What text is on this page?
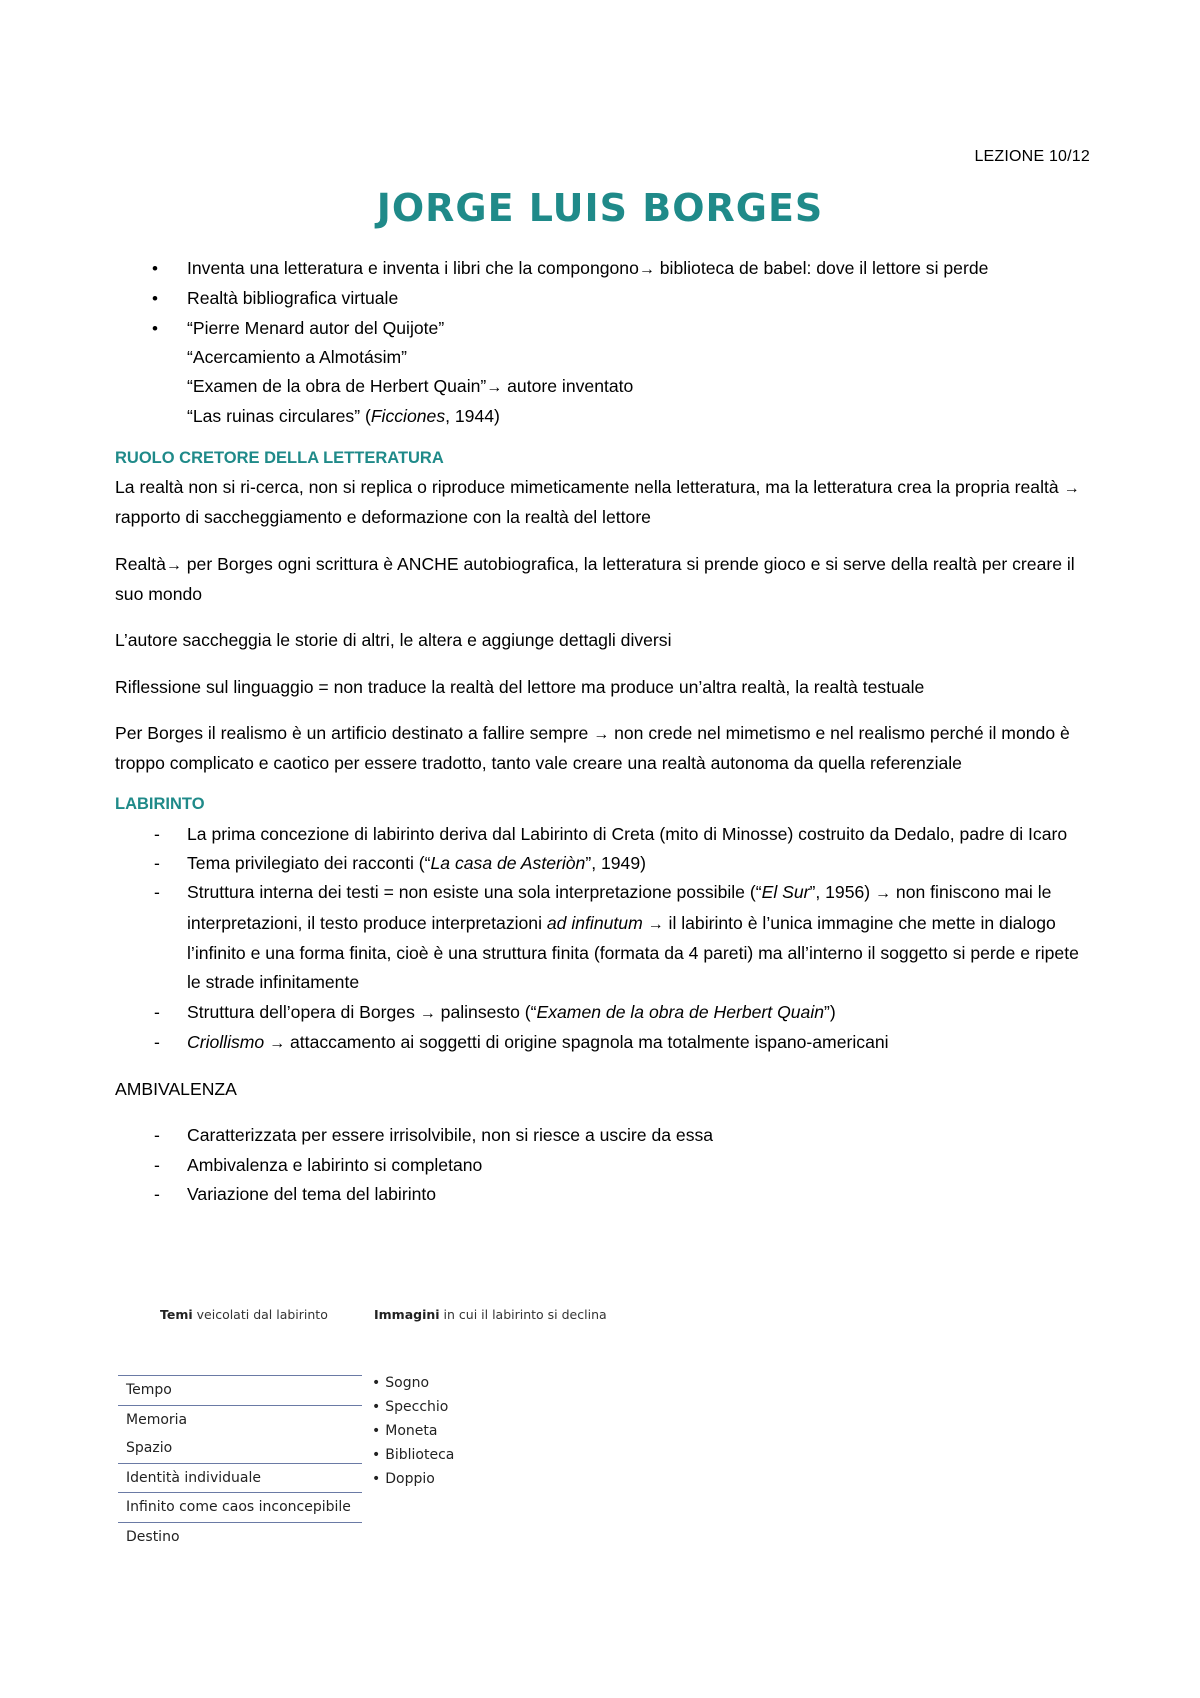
LEZIONE 10/12
JORGE LUIS BORGES
• Inventa una letteratura e inventa i libri che la compongono→ biblioteca de babel: dove il lettore si perde
• Realtà bibliografica virtuale
• “Pierre Menard autor del Quijote”
“Acercamiento a Almotásim”
“Examen de la obra de Herbert Quain”→ autore inventato
“Las ruinas circulares” (Ficciones, 1944)
RUOLO CRETORE DELLA LETTERATURA

La realtà non si ri-cerca, non si replica o riproduce mimeticamente nella letteratura, ma la letteratura crea la propria realtà → rapporto di saccheggiamento e deformazione con la realtà del lettore

Realtà→ per Borges ogni scrittura è ANCHE autobiografica, la letteratura si prende gioco e si serve della realtà per creare il suo mondo

L’autore saccheggia le storie di altri, le altera e aggiunge dettagli diversi

Riflessione sul linguaggio = non traduce la realtà del lettore ma produce un’altra realtà, la realtà testuale

Per Borges il realismo è un artificio destinato a fallire sempre → non crede nel mimetismo e nel realismo perché il mondo è troppo complicato e caotico per essere tradotto, tanto vale creare una realtà autonoma da quella referenziale

LABIRINTO
- La prima concezione di labirinto deriva dal Labirinto di Creta (mito di Minosse) costruito da Dedalo, padre di Icaro
- Tema privilegiato dei racconti (“La casa de Asteriòn”, 1949)
- Struttura interna dei testi = non esiste una sola interpretazione possibile (“El Sur”, 1956) → non finiscono mai le interpretazioni, il testo produce interpretazioni ad infinutum → il labirinto è l’unica immagine che mette in dialogo l’infinito e una forma finita, cioè è una struttura finita (formata da 4 pareti) ma all’interno il soggetto si perde e ripete le strade infinitamente
- Struttura dell’opera di Borges → palinsesto (“Examen de la obra de Herbert Quain”)
- Criollismo → attaccamento ai soggetti di origine spagnola ma totalmente ispano-americani

AMBIVALENZA

- Caratterizzata per essere irrisolvibile, non si riesce a uscire da essa
- Ambivalenza e labirinto si completano
- Variazione del tema del labirinto
Temi veicolati dal labirinto	Immagini in cui il labirinto si declina
Tempo
Memoria
Spazio
Identità individuale
Infinito come caos inconcepibile
Destino
• Sogno
• Specchio
• Moneta
• Biblioteca
• Doppio
